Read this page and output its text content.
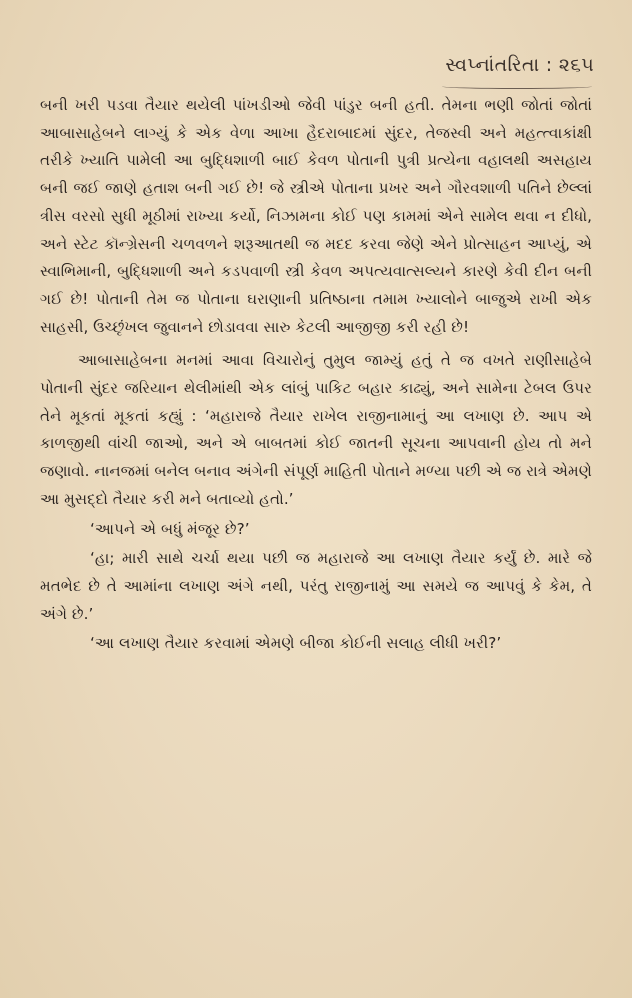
સ્વપ્નાંતરિતા : ૨૬૫

બની ખરી પડવા તૈયાર થયેલી પાંખડીઓ જેવી પાંડુર બની હતી. તેમના ભણી જોતાં જોતાં આબાસાહેબને લાગ્યું કે એક વેળા આખા હૈદરાબાદમાં સુંદર, તેજસ્વી અને મહત્ત્વાકાંક્ષી તરીકે ખ્યાતિ પામેલી આ બુદ્ધિશાળી બાઈ કેવળ પોતાની પુત્રી પ્રત્યેના વહાલથી અસહાય બની જઈ જાણે હતાશ બની ગઈ છે! જે સ્ત્રીએ પોતાના પ્રખર અને ગૌરવશાળી પતિને છેલ્લાં ત્રીસ વરસો સુધી મૂઠીમાં રાખ્યા કર્યો, નિઝામના કોઈ પણ કામમાં એને સામેલ થવા ન દીધો, અને સ્ટેટ કૉન્ગ્રેસની ચળવળને શરૂઆતથી જ મદદ કરવા જેણે એને પ્રોત્સાહન આપ્યું, એ સ્વાભિમાની, બુદ્ધિશાળી અને કડપવાળી સ્ત્રી કેવળ અપત્યવાત્સલ્યને કારણે કેવી દીન બની ગઈ છે! પોતાની તેમ જ પોતાના ઘરાણાની પ્રતિષ્ઠાના તમામ ખ્યાલોને બાજુએ રાખી એક સાહસી, ઉચ્છૃંખલ જુવાનને છોડાવવા સારુ કેટલી આજીજી કરી રહી છે!

આબાસાહેબના મનમાં આવા વિચારોનું તુમુલ જામ્યું હતું તે જ વખતે રાણીસાહેબે પોતાની સુંદર જરિયાન થેલીમાંથી એક લાંબું પાકિટ બહાર કાઢ્યું, અને સામેના ટેબલ ઉપર તેને મૂકતાં મૂકતાં કહ્યું : ‘મહારાજે તૈયાર રાખેલ રાજીનામાનું આ લખાણ છે. આપ એ કાળજીથી વાંચી જાઓ, અને એ બાબતમાં કોઈ જાતની સૂચના આપવાની હોય તો મને જણાવો. નાનજમાં બનેલ બનાવ અંગેની સંપૂર્ણ માહિતી પોતાને મળ્યા પછી એ જ રાત્રે એમણે આ મુસદ્દો તૈયાર કરી મને બતાવ્યો હતો.’

‘આપને એ બધું મંજૂર છે?’

‘હા; મારી સાથે ચર્ચા થયા પછી જ મહારાજે આ લખાણ તૈયાર કર્યું છે. મારે જે મતભેદ છે તે આમાંના લખાણ અંગે નથી, પરંતુ રાજીનામું આ સમયે જ આપવું કે કેમ, તે અંગે છે.’

‘આ લખાણ તૈયાર કરવામાં એમણે બીજા કોઈની સલાહ લીધી ખરી?’
